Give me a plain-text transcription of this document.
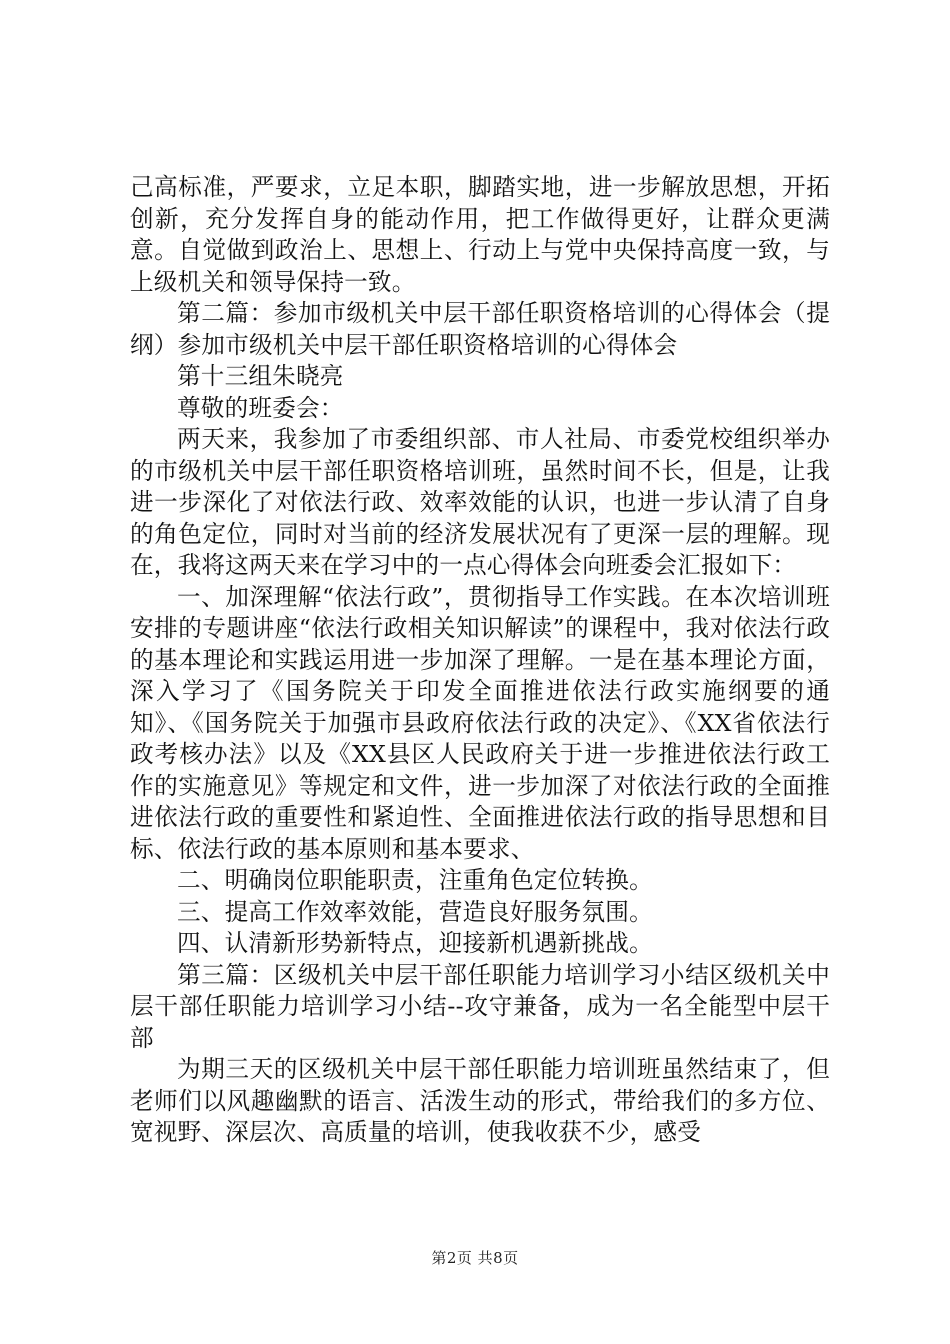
己高标准，严要求，立足本职，脚踏实地，进一步解放思想，开拓创新，充分发挥自身的能动作用，把工作做得更好，让群众更满意。自觉做到政治上、思想上、行动上与党中央保持高度一致，与上级机关和领导保持一致。

第二篇：参加市级机关中层干部任职资格培训的心得体会（提纲）参加市级机关中层干部任职资格培训的心得体会

第十三组朱晓亮

尊敬的班委会：

两天来，我参加了市委组织部、市人社局、市委党校组织举办的市级机关中层干部任职资格培训班，虽然时间不长，但是，让我进一步深化了对依法行政、效率效能的认识，也进一步认清了自身的角色定位，同时对当前的经济发展状况有了更深一层的理解。现在，我将这两天来在学习中的一点心得体会向班委会汇报如下：

一、加深理解“依法行政”，贯彻指导工作实践。在本次培训班安排的专题讲座“依法行政相关知识解读”的课程中，我对依法行政的基本理论和实践运用进一步加深了理解。一是在基本理论方面，深入学习了《国务院关于印发全面推进依法行政实施纲要的通知》、《国务院关于加强市县政府依法行政的决定》、《XX省依法行政考核办法》以及《XX县区人民政府关于进一步推进依法行政工作的实施意见》等规定和文件，进一步加深了对依法行政的全面推进依法行政的重要性和紧迫性、全面推进依法行政的指导思想和目标、依法行政的基本原则和基本要求、

二、明确岗位职能职责，注重角色定位转换。

三、提高工作效率效能，营造良好服务氛围。

四、认清新形势新特点，迎接新机遇新挑战。

第三篇：区级机关中层干部任职能力培训学习小结区级机关中层干部任职能力培训学习小结--攻守兼备，成为一名全能型中层干部

为期三天的区级机关中层干部任职能力培训班虽然结束了，但老师们以风趣幽默的语言、活泼生动的形式，带给我们的多方位、宽视野、深层次、高质量的培训，使我收获不少，感受

第2页 共8页
